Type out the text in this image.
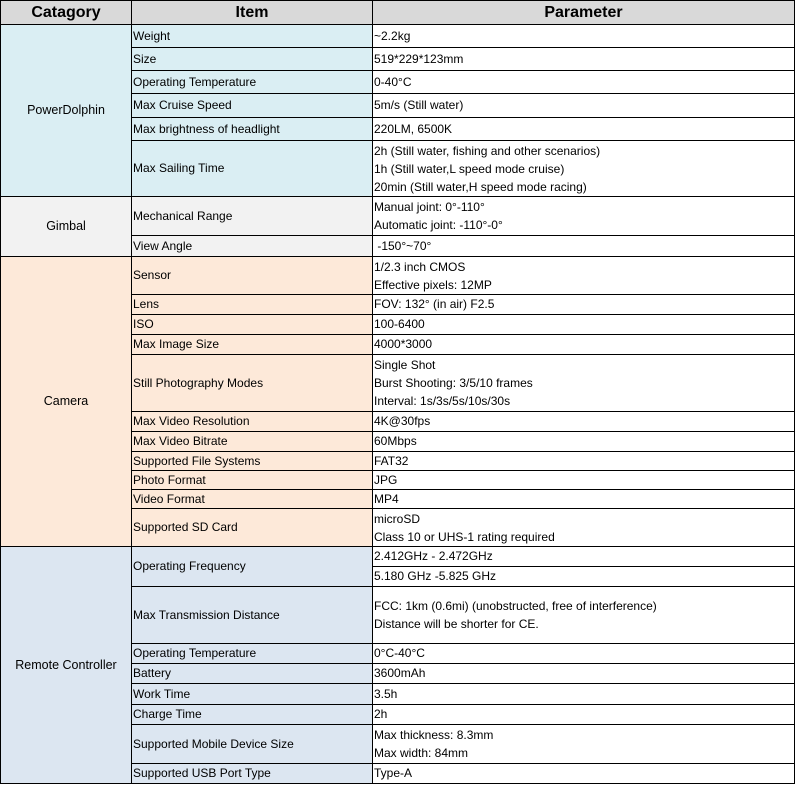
Catagory	Item	Parameter
PowerDolphin	Weight	~2.2kg
	Size	519*229*123mm
	Operating Temperature	0-40°C
	Max Cruise Speed	5m/s (Still water)
	Max brightness of headlight	220LM, 6500K
	Max Sailing Time	2h (Still water, fishing and other scenarios)
1h (Still water,L speed mode cruise)
20min (Still water,H speed mode racing)

Gimbal	Mechanical Range	Manual joint: 0°-110°
Automatic joint: -110°-0°

	View Angle	-150°~70°
Camera	Sensor	1/2.3 inch CMOS
Effective pixels: 12MP

	Lens	FOV: 132° (in air) F2.5
	ISO	100-6400
	Max Image Size	4000*3000
	Still Photography Modes	Single Shot
Burst Shooting: 3/5/10 frames
Interval: 1s/3s/5s/10s/30s

	Max Video Resolution	4K@30fps
	Max Video Bitrate	60Mbps
	Supported File Systems	FAT32
	Photo Format	JPG
	Video Format	MP4
	Supported SD Card	microSD
Class 10 or UHS-1 rating required

Remote Controller	Operating Frequency	2.412GHz - 2.472GHz
		5.180 GHz -5.825 GHz
	Max Transmission Distance	FCC: 1km (0.6mi) (unobstructed, free of interference)
Distance will be shorter for CE.

	Operating Temperature	0°C-40°C
	Battery	3600mAh
	Work Time	3.5h
	Charge Time	2h
	Supported Mobile Device Size	Max thickness: 8.3mm
Max width: 84mm

	Supported USB Port Type	Type-A
